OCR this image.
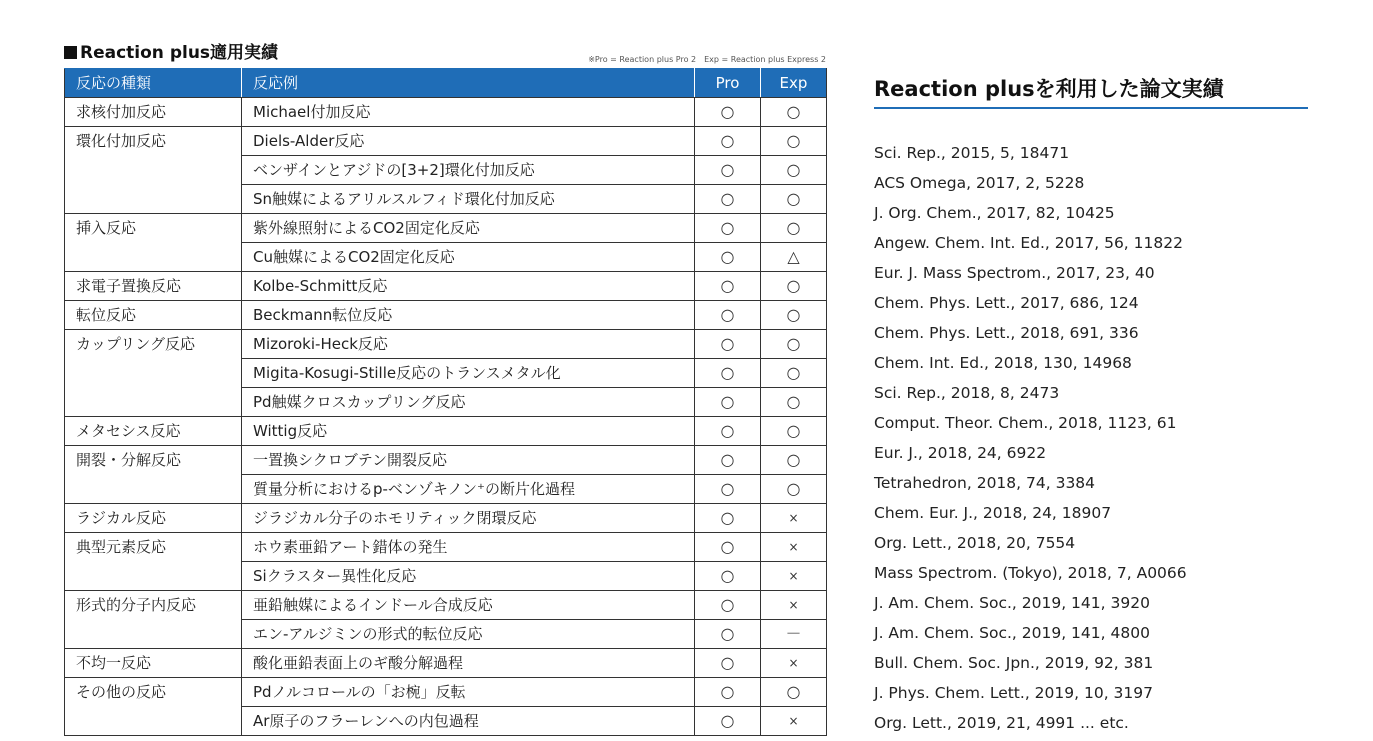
Reaction plus適用実績	※Pro = Reaction plus Pro 2　Exp = Reaction plus Express 2
反応の種類	反応例	Pro	Exp
求核付加反応	Michael付加反応	○	○
環化付加反応	Diels-Alder反応	○	○
	ベンザインとアジドの[3+2]環化付加反応	○	○
	Sn触媒によるアリルスルフィド環化付加反応	○	○
挿入反応	紫外線照射によるCO2固定化反応	○	○
	Cu触媒によるCO2固定化反応	○	△
求電子置換反応	Kolbe-Schmitt反応	○	○
転位反応	Beckmann転位反応	○	○
カップリング反応	Mizoroki-Heck反応	○	○
	Migita-Kosugi-Stille反応のトランスメタル化	○	○
	Pd触媒クロスカップリング反応	○	○
メタセシス反応	Wittig反応	○	○
開裂・分解反応	一置換シクロブテン開裂反応	○	○
	質量分析におけるp-ベンゾキノン⁺の断片化過程	○	○
ラジカル反応	ジラジカル分子のホモリティック閉環反応	○	×
典型元素反応	ホウ素亜鉛アート錯体の発生	○	×
	Siクラスター異性化反応	○	×
形式的分子内反応	亜鉛触媒によるインドール合成反応	○	×
	エン-アルジミンの形式的転位反応	○	－
不均一反応	酸化亜鉛表面上のギ酸分解過程	○	×
その他の反応	Pdノルコロールの「お椀」反転	○	○
	Ar原子のフラーレンへの内包過程	○	×
Reaction plusを利用した論文実績
Sci. Rep., 2015, 5, 18471
ACS Omega, 2017, 2, 5228
J. Org. Chem., 2017, 82, 10425
Angew. Chem. Int. Ed., 2017, 56, 11822
Eur. J. Mass Spectrom., 2017, 23, 40
Chem. Phys. Lett., 2017, 686, 124
Chem. Phys. Lett., 2018, 691, 336
Chem. Int. Ed., 2018, 130, 14968
Sci. Rep., 2018, 8, 2473
Comput. Theor. Chem., 2018, 1123, 61
Eur. J., 2018, 24, 6922
Tetrahedron, 2018, 74, 3384
Chem. Eur. J., 2018, 24, 18907
Org. Lett., 2018, 20, 7554
Mass Spectrom. (Tokyo), 2018, 7, A0066
J. Am. Chem. Soc., 2019, 141, 3920
J. Am. Chem. Soc., 2019, 141, 4800
Bull. Chem. Soc. Jpn., 2019, 92, 381
J. Phys. Chem. Lett., 2019, 10, 3197
Org. Lett., 2019, 21, 4991 ... etc.
